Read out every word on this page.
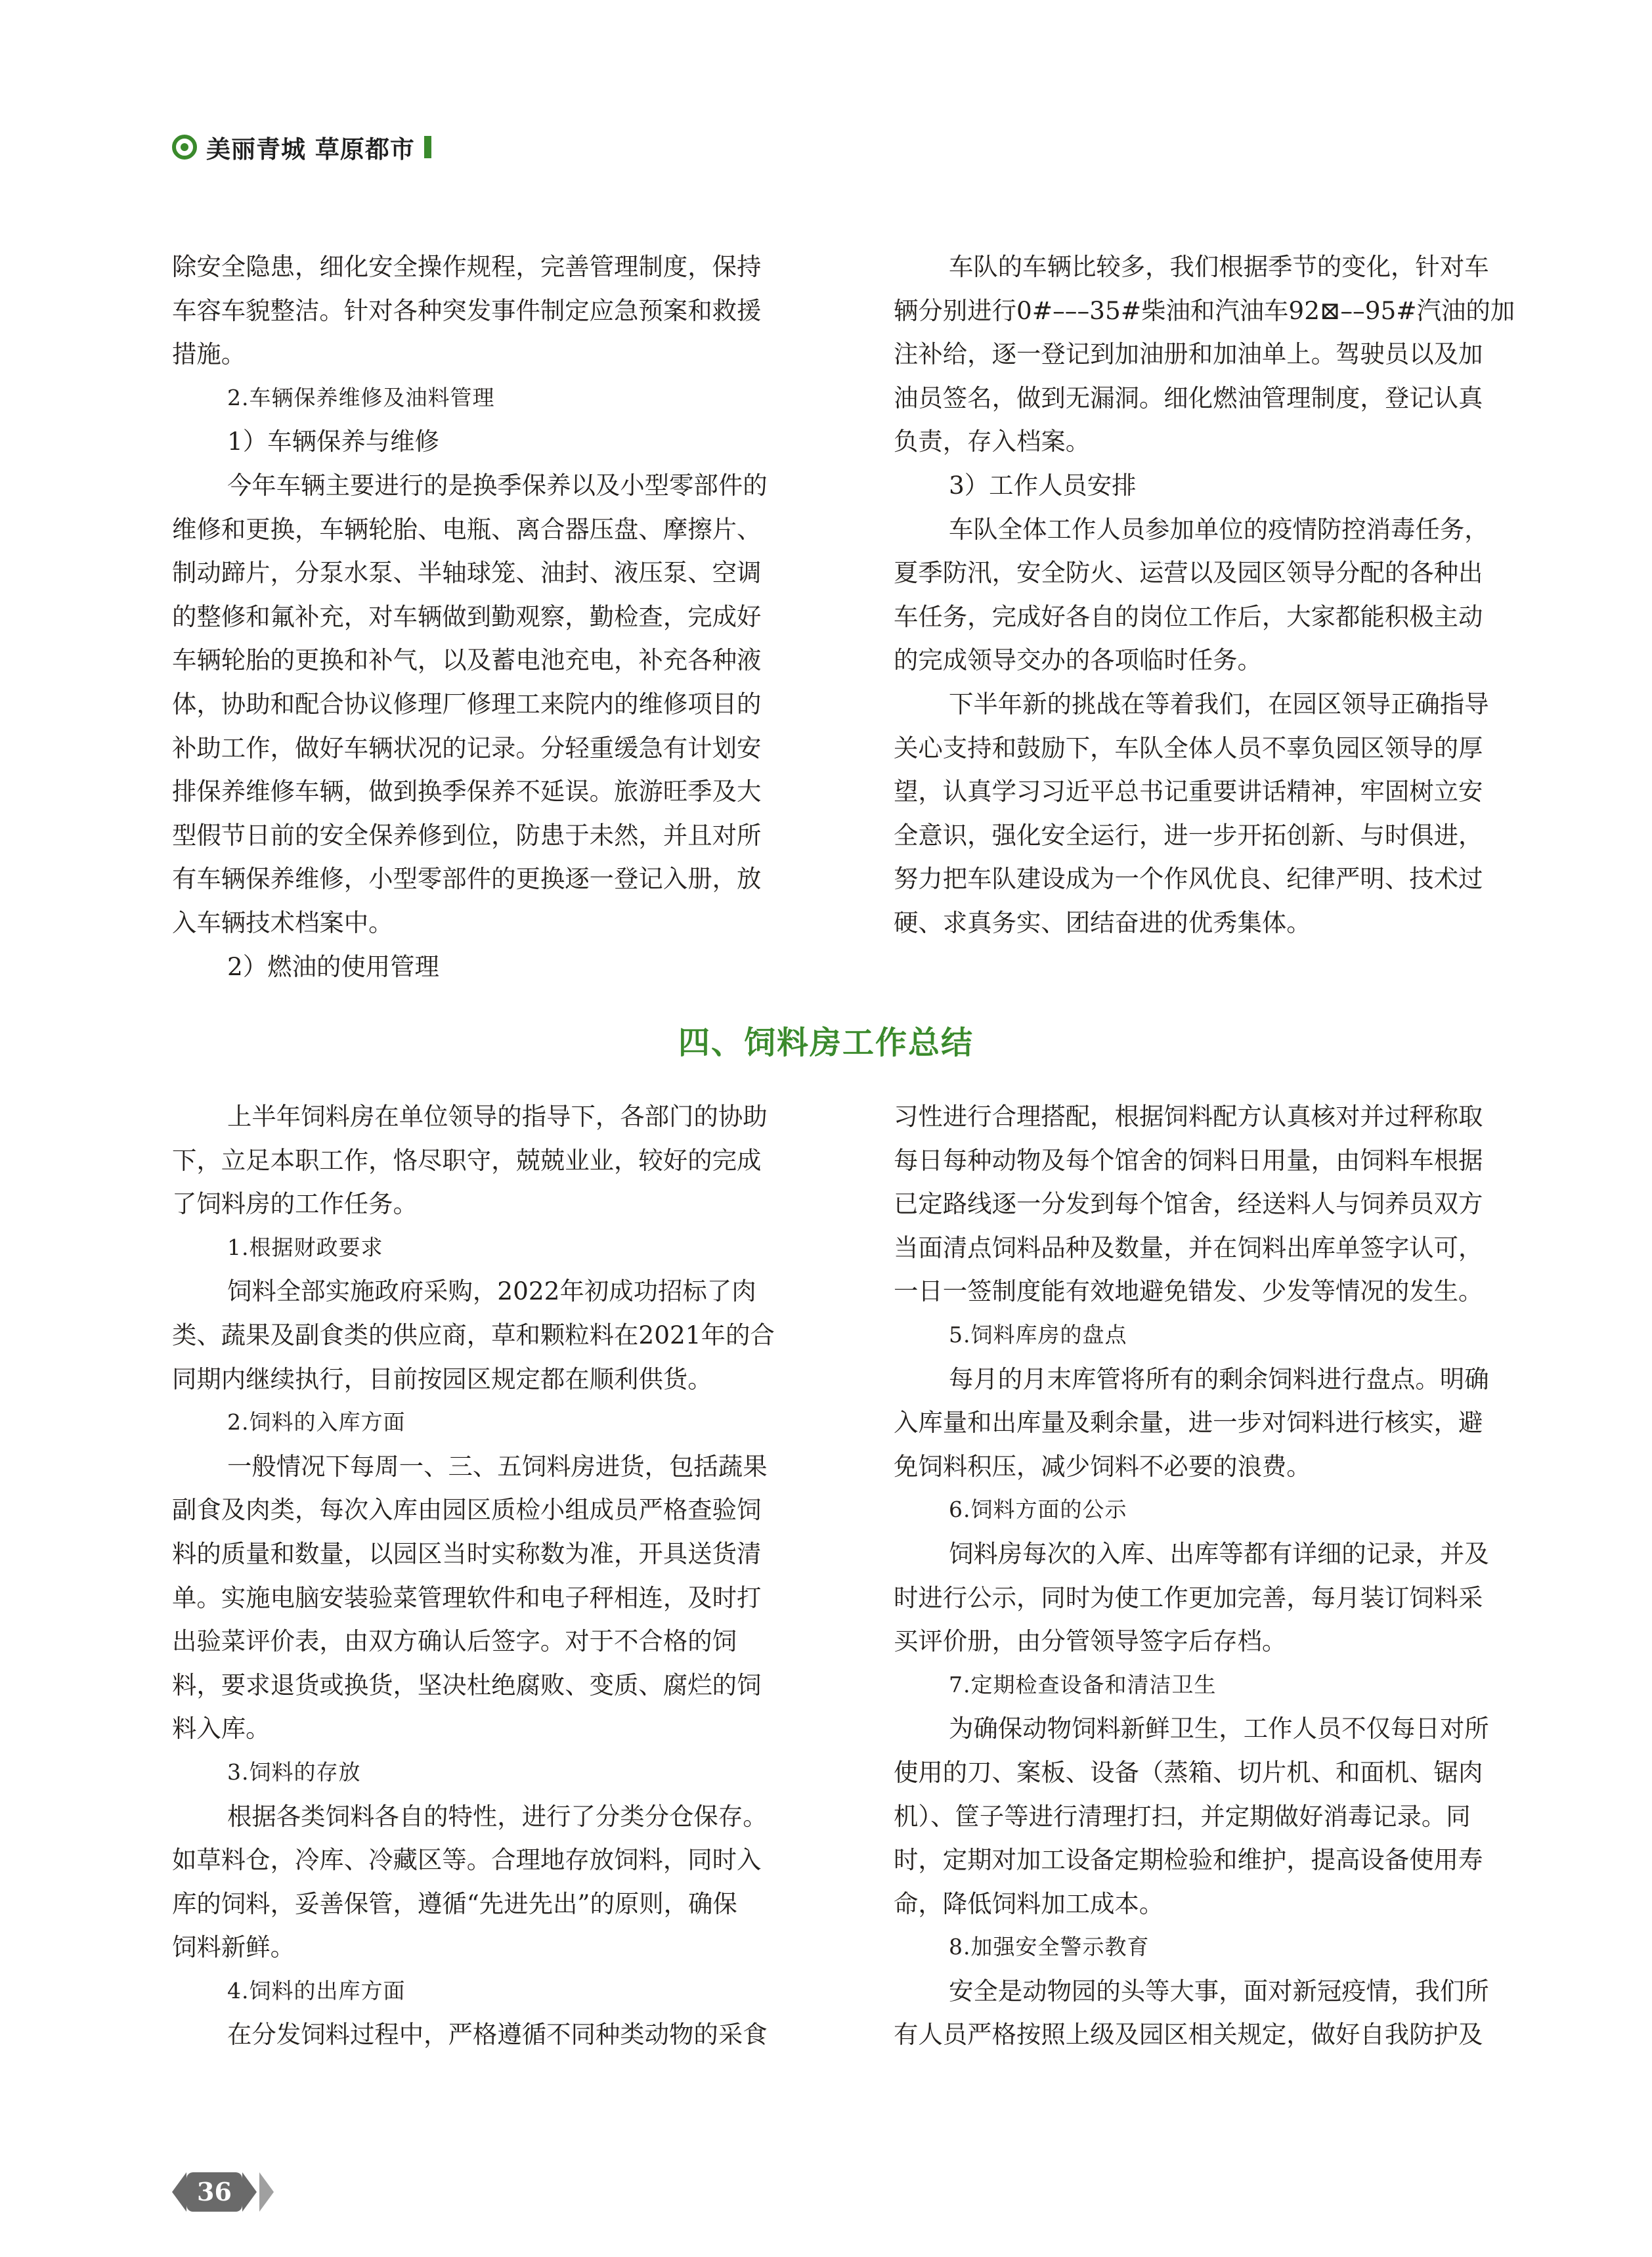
美丽青城 草原都市

除安全隐患，细化安全操作规程，完善管理制度，保持

车容车貌整洁。针对各种突发事件制定应急预案和救援

措施。

2.车辆保养维修及油料管理

1）车辆保养与维修

今年车辆主要进行的是换季保养以及小型零部件的

维修和更换，车辆轮胎、电瓶、离合器压盘、摩擦片、

制动蹄片，分泵水泵、半轴球笼、油封、液压泵、空调

的整修和氟补充，对车辆做到勤观察，勤检查，完成好

车辆轮胎的更换和补气，以及蓄电池充电，补充各种液

体，协助和配合协议修理厂修理工来院内的维修项目的

补助工作，做好车辆状况的记录。分轻重缓急有计划安

排保养维修车辆，做到换季保养不延误。旅游旺季及大

型假节日前的安全保养修到位，防患于未然，并且对所

有车辆保养维修，小型零部件的更换逐一登记入册，放

入车辆技术档案中。

2）燃油的使用管理

车队的车辆比较多，我们根据季节的变化，针对车

辆分别进行0#–––35#柴油和汽油车92⊠––95#汽油的加

注补给，逐一登记到加油册和加油单上。驾驶员以及加

油员签名，做到无漏洞。细化燃油管理制度，登记认真

负责，存入档案。

3）工作人员安排

车队全体工作人员参加单位的疫情防控消毒任务，

夏季防汛，安全防火、运营以及园区领导分配的各种出

车任务，完成好各自的岗位工作后，大家都能积极主动

的完成领导交办的各项临时任务。

下半年新的挑战在等着我们，在园区领导正确指导

关心支持和鼓励下，车队全体人员不辜负园区领导的厚

望，认真学习习近平总书记重要讲话精神，牢固树立安

全意识，强化安全运行，进一步开拓创新、与时俱进，

努力把车队建设成为一个作风优良、纪律严明、技术过

硬、求真务实、团结奋进的优秀集体。

四、饲料房工作总结

上半年饲料房在单位领导的指导下，各部门的协助

下，立足本职工作，恪尽职守，兢兢业业，较好的完成

了饲料房的工作任务。

1.根据财政要求

饲料全部实施政府采购，2022年初成功招标了肉

类、蔬果及副食类的供应商，草和颗粒料在2021年的合

同期内继续执行，目前按园区规定都在顺利供货。

2.饲料的入库方面

一般情况下每周一、三、五饲料房进货，包括蔬果

副食及肉类，每次入库由园区质检小组成员严格查验饲

料的质量和数量，以园区当时实称数为准，开具送货清

单。实施电脑安装验菜管理软件和电子秤相连，及时打

出验菜评价表，由双方确认后签字。对于不合格的饲

料，要求退货或换货，坚决杜绝腐败、变质、腐烂的饲

料入库。

3.饲料的存放

根据各类饲料各自的特性，进行了分类分仓保存。

如草料仓，冷库、冷藏区等。合理地存放饲料，同时入

库的饲料，妥善保管，遵循“先进先出”的原则，确保

饲料新鲜。

4.饲料的出库方面

在分发饲料过程中，严格遵循不同种类动物的采食

习性进行合理搭配，根据饲料配方认真核对并过秤称取

每日每种动物及每个馆舍的饲料日用量，由饲料车根据

已定路线逐一分发到每个馆舍，经送料人与饲养员双方

当面清点饲料品种及数量，并在饲料出库单签字认可，

一日一签制度能有效地避免错发、少发等情况的发生。

5.饲料库房的盘点

每月的月末库管将所有的剩余饲料进行盘点。明确

入库量和出库量及剩余量，进一步对饲料进行核实，避

免饲料积压，减少饲料不必要的浪费。

6.饲料方面的公示

饲料房每次的入库、出库等都有详细的记录，并及

时进行公示，同时为使工作更加完善，每月装订饲料采

买评价册，由分管领导签字后存档。

7.定期检查设备和清洁卫生

为确保动物饲料新鲜卫生，工作人员不仅每日对所

使用的刀、案板、设备（蒸箱、切片机、和面机、锯肉

机）、筐子等进行清理打扫，并定期做好消毒记录。同

时，定期对加工设备定期检验和维护，提高设备使用寿

命，降低饲料加工成本。

8.加强安全警示教育

安全是动物园的头等大事，面对新冠疫情，我们所

有人员严格按照上级及园区相关规定，做好自我防护及

36
